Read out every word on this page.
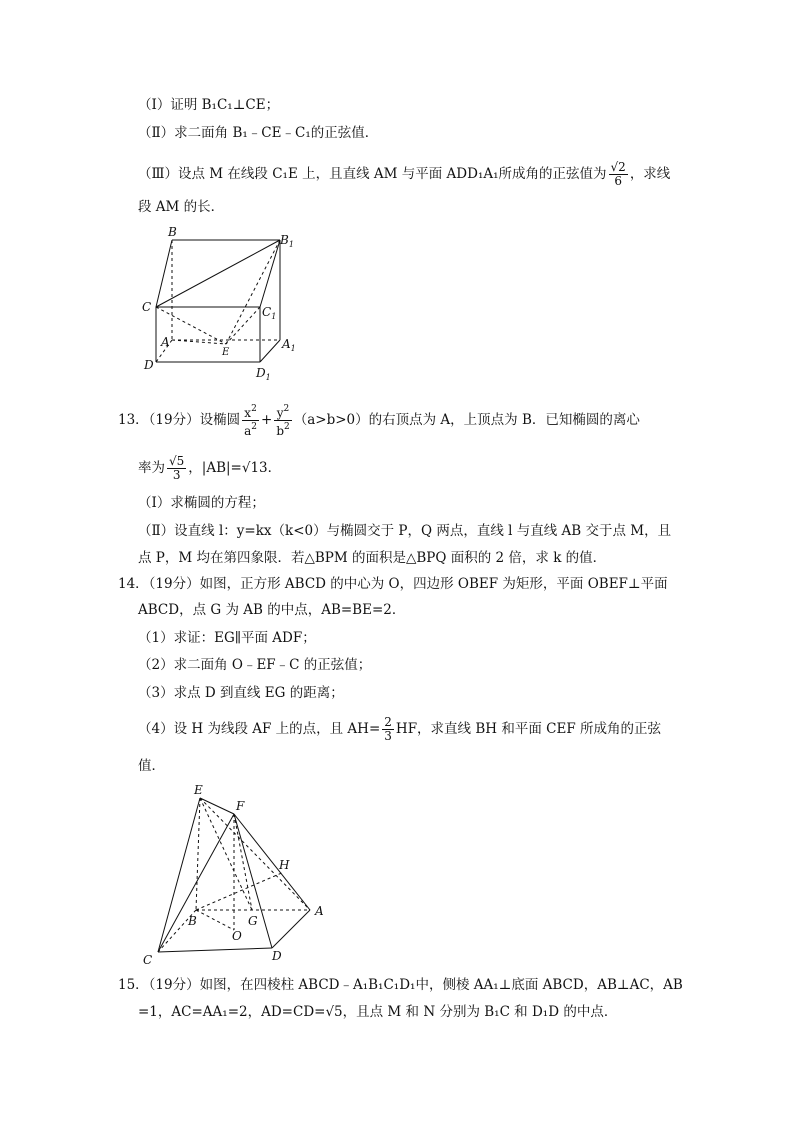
（Ⅰ）证明 B₁C₁⊥CE；
（Ⅱ）求二面角 B₁﹣CE﹣C₁的正弦值．
（Ⅲ）设点 M 在线段 C₁E 上，且直线 AM 与平面 ADD₁A₁所成角的正弦值为 $\frac{√2}{6}$ ，求线
段 AM 的长．
B
$B_1$
C	$C_1$
A	$A_1$
E
D
$D_1$
13．（19分）设椭圆 $\frac{x^2}{a^2} + \frac{y^2}{b^2} (a>b>0)$的右顶点为 A，上顶点为 B．已知椭圆的离心
率为 $\frac{√5}{3}$ ，|AB|=√13．
（Ⅰ）求椭圆的方程；
（Ⅱ）设直线 l：y=kx（k<0）与椭圆交于 P，Q 两点，直线 l 与直线 AB 交于点 M，且
点 P，M 均在第四象限．若△BPM 的面积是△BPQ 面积的 2 倍，求 k 的值．
14．（19分）如图，正方形 ABCD 的中心为 O，四边形 OBEF 为矩形，平面 OBEF⊥平面
ABCD，点 G 为 AB 的中点，AB=BE=2．
（1）求证：EG∥平面 ADF；
（2）求二面角 O﹣EF﹣C 的正弦值；
（3）求点 D 到直线 EG 的距离；
（4）设 H 为线段 AF 上的点，且 $AH= \frac{2}{3}$ HF，求直线 BH 和平面 CEF 所成角的正弦
值．
E
F
H
B	G
A
O
C	D
15．（19分）如图，在四棱柱 ABCD﹣A₁B₁C₁D₁中，侧棱 AA₁⊥底面 ABCD，AB⊥AC，AB
=1，AC=AA₁=2，AD=CD=√5，且点 M 和 N 分别为 B₁C 和 D₁D 的中点．
